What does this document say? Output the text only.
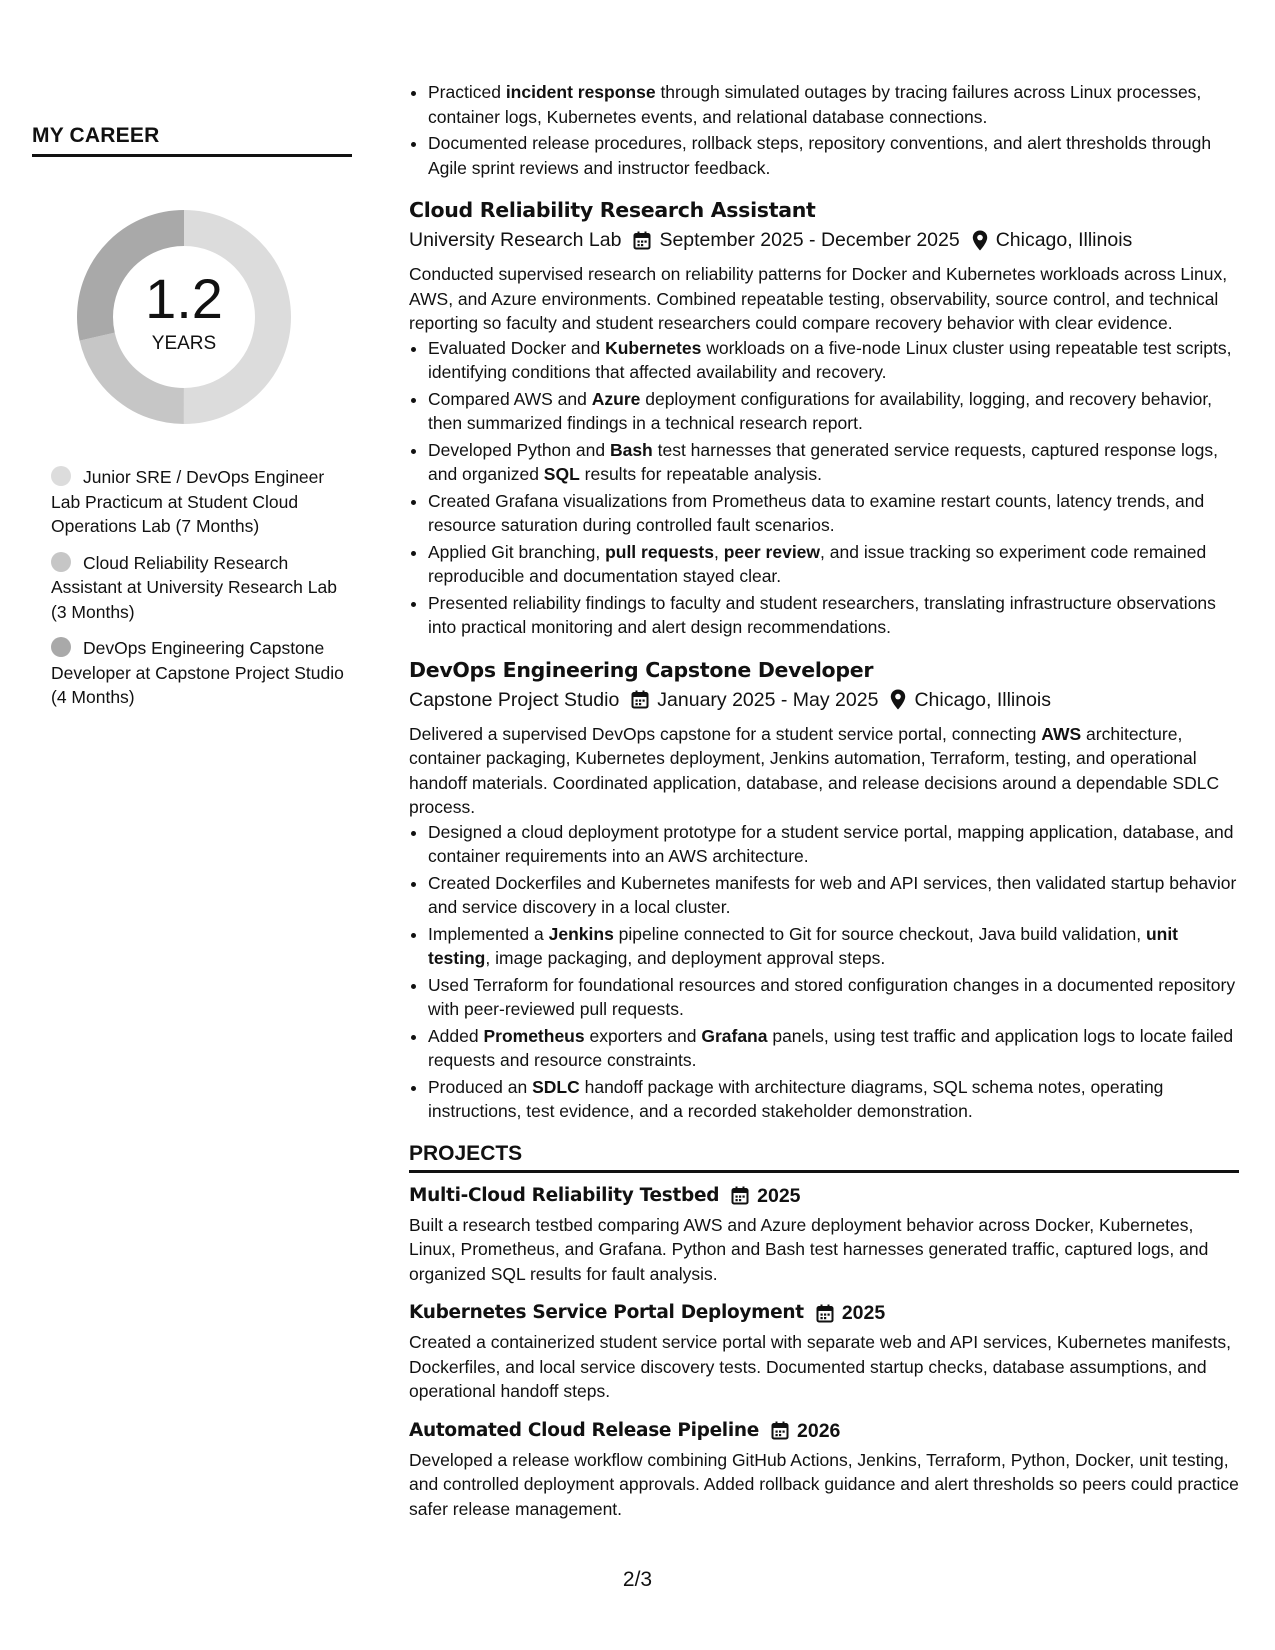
MY CAREER
1.2
YEARS
Junior SRE / DevOps Engineer Lab Practicum at Student Cloud Operations Lab (7 Months)
Cloud Reliability Research Assistant at University Research Lab (3 Months)
DevOps Engineering Capstone Developer at Capstone Project Studio (4 Months)
• Practiced incident response through simulated outages by tracing failures across Linux processes, container logs, Kubernetes events, and relational database connections.
• Documented release procedures, rollback steps, repository conventions, and alert thresholds through Agile sprint reviews and instructor feedback.
Cloud Reliability Research Assistant
University Research Lab September 2025 - December 2025 Chicago, Illinois

Conducted supervised research on reliability patterns for Docker and Kubernetes workloads across Linux, AWS, and Azure environments. Combined repeatable testing, observability, source control, and technical reporting so faculty and student researchers could compare recovery behavior with clear evidence.

• Evaluated Docker and Kubernetes workloads on a five-node Linux cluster using repeatable test scripts, identifying conditions that affected availability and recovery.
• Compared AWS and Azure deployment configurations for availability, logging, and recovery behavior, then summarized findings in a technical research report.
• Developed Python and Bash test harnesses that generated service requests, captured response logs, and organized SQL results for repeatable analysis.
• Created Grafana visualizations from Prometheus data to examine restart counts, latency trends, and resource saturation during controlled fault scenarios.
• Applied Git branching, pull requests, peer review, and issue tracking so experiment code remained reproducible and documentation stayed clear.
• Presented reliability findings to faculty and student researchers, translating infrastructure observations into practical monitoring and alert design recommendations.
DevOps Engineering Capstone Developer
Capstone Project Studio January 2025 - May 2025 Chicago, Illinois

Delivered a supervised DevOps capstone for a student service portal, connecting AWS architecture, container packaging, Kubernetes deployment, Jenkins automation, Terraform, testing, and operational handoff materials. Coordinated application, database, and release decisions around a dependable SDLC process.

• Designed a cloud deployment prototype for a student service portal, mapping application, database, and container requirements into an AWS architecture.
• Created Dockerfiles and Kubernetes manifests for web and API services, then validated startup behavior and service discovery in a local cluster.
• Implemented a Jenkins pipeline connected to Git for source checkout, Java build validation, unit testing, image packaging, and deployment approval steps.
• Used Terraform for foundational resources and stored configuration changes in a documented repository with peer-reviewed pull requests.
• Added Prometheus exporters and Grafana panels, using test traffic and application logs to locate failed requests and resource constraints.
• Produced an SDLC handoff package with architecture diagrams, SQL schema notes, operating instructions, test evidence, and a recorded stakeholder demonstration.
PROJECTS
Multi-Cloud Reliability Testbed 2025

Built a research testbed comparing AWS and Azure deployment behavior across Docker, Kubernetes, Linux, Prometheus, and Grafana. Python and Bash test harnesses generated traffic, captured logs, and organized SQL results for fault analysis.

Kubernetes Service Portal Deployment 2025

Created a containerized student service portal with separate web and API services, Kubernetes manifests, Dockerfiles, and local service discovery tests. Documented startup checks, database assumptions, and operational handoff steps.

Automated Cloud Release Pipeline 2026

Developed a release workflow combining GitHub Actions, Jenkins, Terraform, Python, Docker, unit testing, and controlled deployment approvals. Added rollback guidance and alert thresholds so peers could practice safer release management.

2/3
